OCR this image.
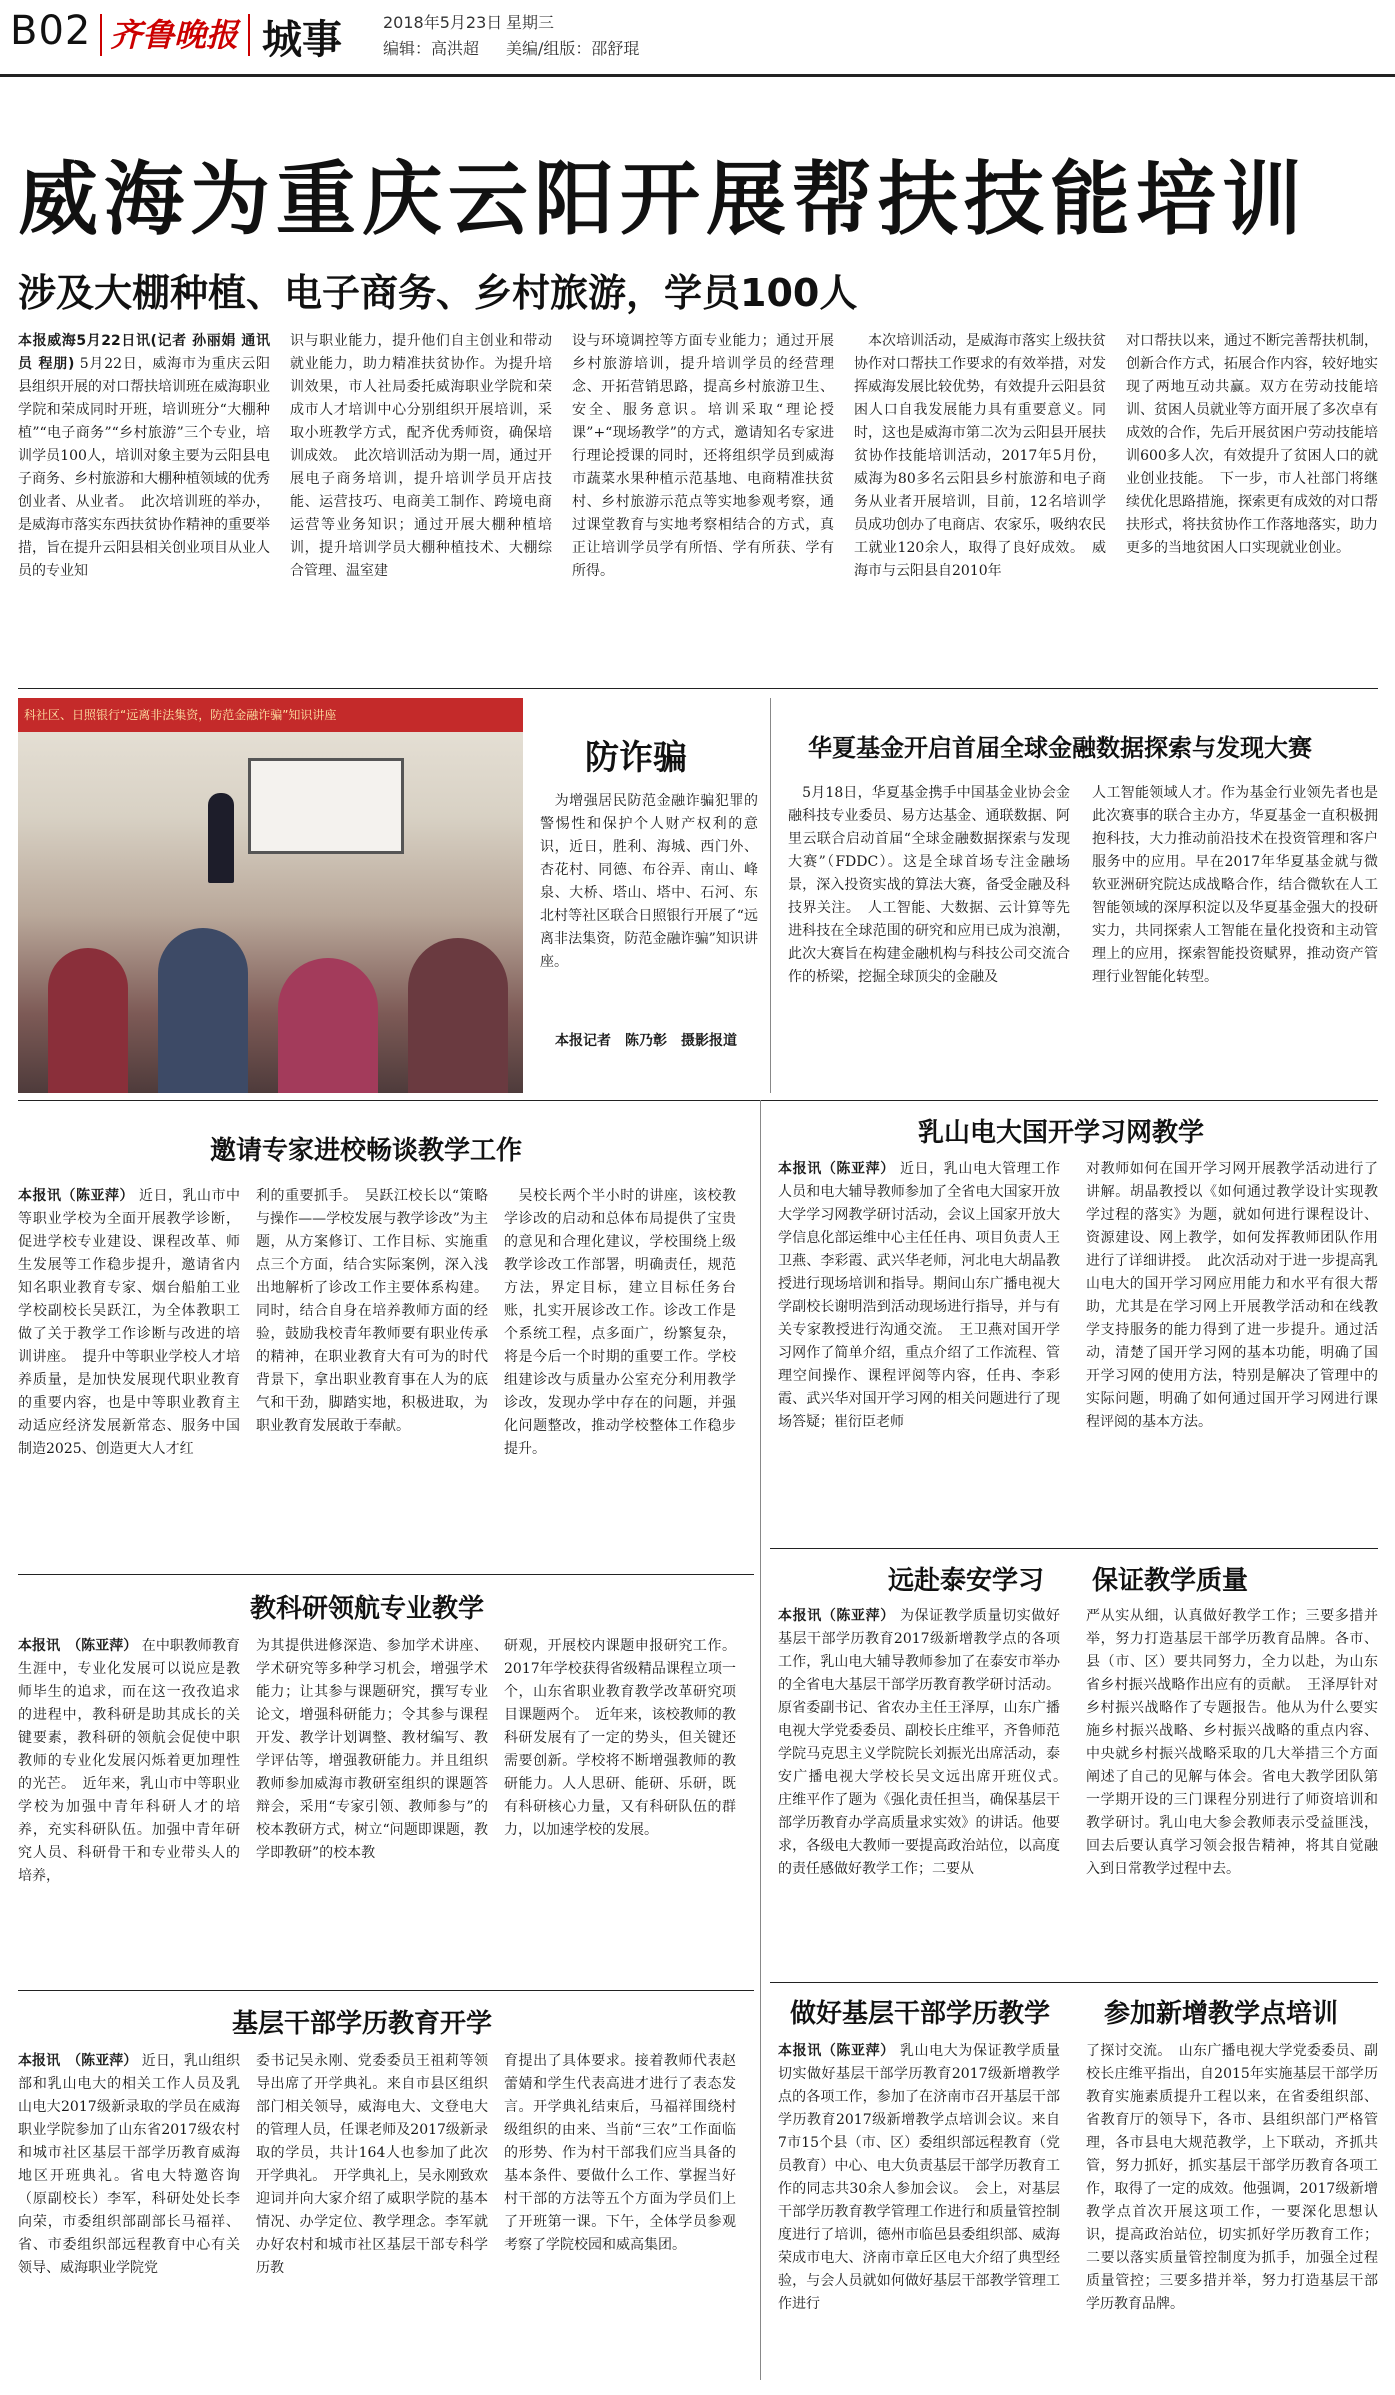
B02 齐鲁晚报 城事	2018年5月23日 星期三
编辑：高洪超 美编/组版：邵舒琨
威海为重庆云阳开展帮扶技能培训
涉及大棚种植、电子商务、乡村旅游，学员100人
本报威海5月22日讯(记者 孙丽娟 通讯员 程朋) 5月22日，威海市为重庆云阳县组织开展的对口帮扶培训班在威海职业学院和荣成同时开班，培训班分“大棚种植”“电子商务”“乡村旅游”三个专业，培训学员100人，培训对象主要为云阳县电子商务、乡村旅游和大棚种植领域的优秀创业者、从业者。　此次培训班的举办，是威海市落实东西扶贫协作精神的重要举措，旨在提升云阳县相关创业项目从业人员的专业知
识与职业能力，提升他们自主创业和带动就业能力，助力精准扶贫协作。为提升培训效果，市人社局委托威海职业学院和荣成市人才培训中心分别组织开展培训，采取小班教学方式，配齐优秀师资，确保培训成效。　此次培训活动为期一周，通过开展电子商务培训，提升培训学员开店技能、运营技巧、电商美工制作、跨境电商运营等业务知识；通过开展大棚种植培训，提升培训学员大棚种植技术、大棚综合管理、温室建
设与环境调控等方面专业能力；通过开展乡村旅游培训，提升培训学员的经营理念、开拓营销思路，提高乡村旅游卫生、安全、服务意识。培训采取“理论授课”+“现场教学”的方式，邀请知名专家进行理论授课的同时，还将组织学员到威海市蔬菜水果种植示范基地、电商精准扶贫村、乡村旅游示范点等实地参观考察，通过课堂教育与实地考察相结合的方式，真正让培训学员学有所悟、学有所获、学有所得。
　本次培训活动，是威海市落实上级扶贫协作对口帮扶工作要求的有效举措，对发挥威海发展比较优势，有效提升云阳县贫困人口自我发展能力具有重要意义。同时，这也是威海市第二次为云阳县开展扶贫协作技能培训活动，2017年5月份，威海为80多名云阳县乡村旅游和电子商务从业者开展培训，目前，12名培训学员成功创办了电商店、农家乐，吸纳农民工就业120余人，取得了良好成效。　威海市与云阳县自2010年
对口帮扶以来，通过不断完善帮扶机制，创新合作方式，拓展合作内容，较好地实现了两地互动共赢。双方在劳动技能培训、贫困人员就业等方面开展了多次卓有成效的合作，先后开展贫困户劳动技能培训600多人次，有效提升了贫困人口的就业创业技能。　下一步，市人社部门将继续优化思路措施，探索更有成效的对口帮扶形式，将扶贫协作工作落地落实，助力更多的当地贫困人口实现就业创业。
科社区、日照银行“远离非法集资，防范金融诈骗”知识讲座
防诈骗
　为增强居民防范金融诈骗犯罪的警惕性和保护个人财产权利的意识，近日，胜利、海城、西门外、杏花村、同德、布谷弄、南山、峰泉、大桥、塔山、塔中、石河、东北村等社区联合日照银行开展了“远离非法集资，防范金融诈骗”知识讲座。
本报记者　陈乃彰　摄影报道
华夏基金开启首届全球金融数据探索与发现大赛
　5月18日，华夏基金携手中国基金业协会金融科技专业委员、易方达基金、通联数据、阿里云联合启动首届“全球金融数据探索与发现大赛”（FDDC）。这是全球首场专注金融场景，深入投资实战的算法大赛，备受金融及科技界关注。　人工智能、大数据、云计算等先进科技在全球范围的研究和应用已成为浪潮，此次大赛旨在构建金融机构与科技公司交流合作的桥梁，挖掘全球顶尖的金融及
人工智能领域人才。作为基金行业领先者也是此次赛事的联合主办方，华夏基金一直积极拥抱科技，大力推动前沿技术在投资管理和客户服务中的应用。早在2017年华夏基金就与微软亚洲研究院达成战略合作，结合微软在人工智能领域的深厚积淀以及华夏基金强大的投研实力，共同探索人工智能在量化投资和主动管理上的应用，探索智能投资赋界，推动资产管理行业智能化转型。
邀请专家进校畅谈教学工作
本报讯（陈亚萍） 近日，乳山市中等职业学校为全面开展教学诊断，促进学校专业建设、课程改革、师生发展等工作稳步提升，邀请省内知名职业教育专家、烟台船舶工业学校副校长吴跃江，为全体教职工做了关于教学工作诊断与改进的培训讲座。　提升中等职业学校人才培养质量，是加快发展现代职业教育的重要内容，也是中等职业教育主动适应经济发展新常态、服务中国制造2025、创造更大人才红
利的重要抓手。　吴跃江校长以“策略与操作——学校发展与教学诊改”为主题，从方案修订、工作目标、实施重点三个方面，结合实际案例，深入浅出地解析了诊改工作主要体系构建。同时，结合自身在培养教师方面的经验，鼓励我校青年教师要有职业传承的精神，在职业教育大有可为的时代背景下，拿出职业教育事在人为的底气和干劲，脚踏实地，积极进取，为职业教育发展敢于奉献。
　吴校长两个半小时的讲座，该校教学诊改的启动和总体布局提供了宝贵的意见和合理化建议，学校围绕上级教学诊改工作部署，明确责任，规范方法，界定目标，建立目标任务台账，扎实开展诊改工作。诊改工作是个系统工程，点多面广，纷繁复杂，将是今后一个时期的重要工作。学校组建诊改与质量办公室充分利用教学诊改，发现办学中存在的问题，并强化问题整改，推动学校整体工作稳步提升。
乳山电大国开学习网教学
本报讯（陈亚萍） 近日，乳山电大管理工作人员和电大辅导教师参加了全省电大国家开放大学学习网教学研讨活动，会议上国家开放大学信息化部运维中心主任任冉、项目负责人王卫燕、李彩霞、武兴华老师，河北电大胡晶教授进行现场培训和指导。期间山东广播电视大学副校长谢明浩到活动现场进行指导，并与有关专家教授进行沟通交流。　王卫燕对国开学习网作了简单介绍，重点介绍了工作流程、管理空间操作、课程评阅等内容，任冉、李彩霞、武兴华对国开学习网的相关问题进行了现场答疑；崔衍臣老师
对教师如何在国开学习网开展教学活动进行了讲解。胡晶教授以《如何通过教学设计实现教学过程的落实》为题，就如何进行课程设计、资源建设、网上教学，如何发挥教师团队作用进行了详细讲授。　此次活动对于进一步提高乳山电大的国开学习网应用能力和水平有很大帮助，尤其是在学习网上开展教学活动和在线教学支持服务的能力得到了进一步提升。通过活动，清楚了国开学习网的基本功能，明确了国开学习网的使用方法，特别是解决了管理中的实际问题，明确了如何通过国开学习网进行课程评阅的基本方法。
教科研领航专业教学
本报讯　（陈亚萍） 在中职教师教育生涯中，专业化发展可以说应是教师毕生的追求，而在这一孜孜追求的进程中，教科研是助其成长的关键要素，教科研的领航会促使中职教师的专业化发展闪烁着更加理性的光芒。　近年来，乳山市中等职业学校为加强中青年科研人才的培养，充实科研队伍。加强中青年研究人员、科研骨干和专业带头人的培养，
为其提供进修深造、参加学术讲座、学术研究等多种学习机会，增强学术能力；让其参与课题研究，撰写专业论文，增强科研能力；令其参与课程开发、教学计划调整、教材编写、教学评估等，增强教研能力。并且组织教师参加威海市教研室组织的课题答辩会，采用“专家引领、教师参与”的校本教研方式，树立“问题即课题，教学即教研”的校本教
研观，开展校内课题申报研究工作。2017年学校获得省级精品课程立项一个，山东省职业教育教学改革研究项目课题两个。　近年来，该校教师的教科研发展有了一定的势头，但关键还需要创新。学校将不断增强教师的教研能力。人人思研、能研、乐研，既有科研核心力量，又有科研队伍的群力，以加速学校的发展。
远赴泰安学习 保证教学质量
本报讯（陈亚萍） 为保证教学质量切实做好基层干部学历教育2017级新增教学点的各项工作，乳山电大辅导教师参加了在泰安市举办的全省电大基层干部学历教育教学研讨活动。原省委副书记、省农办主任王泽厚，山东广播电视大学党委委员、副校长庄维平，齐鲁师范学院马克思主义学院院长刘振光出席活动，泰安广播电视大学校长吴文远出席开班仪式。　庄维平作了题为《强化责任担当，确保基层干部学历教育办学高质量求实效》的讲话。他要求，各级电大教师一要提高政治站位，以高度的责任感做好教学工作；二要从
严从实从细，认真做好教学工作；三要多措并举，努力打造基层干部学历教育品牌。各市、县（市、区）要共同努力，全力以赴，为山东省乡村振兴战略作出应有的贡献。　王泽厚针对乡村振兴战略作了专题报告。他从为什么要实施乡村振兴战略、乡村振兴战略的重点内容、中央就乡村振兴战略采取的几大举措三个方面阐述了自己的见解与体会。省电大教学团队第一学期开设的三门课程分别进行了师资培训和教学研讨。乳山电大参会教师表示受益匪浅，回去后要认真学习领会报告精神，将其自觉融入到日常教学过程中去。
基层干部学历教育开学
本报讯　（陈亚萍） 近日，乳山组织部和乳山电大的相关工作人员及乳山电大2017级新录取的学员在威海职业学院参加了山东省2017级农村和城市社区基层干部学历教育威海地区开班典礼。省电大特邀咨询（原副校长）李军，科研处处长李向荣，市委组织部副部长马福祥、省、市委组织部远程教育中心有关领导、威海职业学院党
委书记吴永刚、党委委员王祖莉等领导出席了开学典礼。来自市县区组织部门相关领导，威海电大、文登电大的管理人员，任课老师及2017级新录取的学员，共计164人也参加了此次开学典礼。　开学典礼上，吴永刚致欢迎词并向大家介绍了威职学院的基本情况、办学定位、教学理念。李军就办好农村和城市社区基层干部专科学历教
育提出了具体要求。接着教师代表赵蕾婧和学生代表高进才进行了表态发言。开学典礼结束后，马福祥围绕村级组织的由来、当前“三农”工作面临的形势、作为村干部我们应当具备的基本条件、要做什么工作、掌握当好村干部的方法等五个方面为学员们上了开班第一课。下午，全体学员参观考察了学院校园和威高集团。
做好基层干部学历教学 参加新增教学点培训
本报讯（陈亚萍） 乳山电大为保证教学质量切实做好基层干部学历教育2017级新增教学点的各项工作，参加了在济南市召开基层干部学历教育2017级新增教学点培训会议。来自7市15个县（市、区）委组织部远程教育（党员教育）中心、电大负责基层干部学历教育工作的同志共30余人参加会议。　会上，对基层干部学历教育教学管理工作进行和质量管控制度进行了培训，德州市临邑县委组织部、威海荣成市电大、济南市章丘区电大介绍了典型经验，与会人员就如何做好基层干部教学管理工作进行
了探讨交流。　山东广播电视大学党委委员、副校长庄维平指出，自2015年实施基层干部学历教育实施素质提升工程以来，在省委组织部、省教育厅的领导下，各市、县组织部门严格管理，各市县电大规范教学，上下联动，齐抓共管，努力抓好，抓实基层干部学历教育各项工作，取得了一定的成效。他强调，2017级新增教学点首次开展这项工作，一要深化思想认识，提高政治站位，切实抓好学历教育工作；二要以落实质量管控制度为抓手，加强全过程质量管控；三要多措并举，努力打造基层干部学历教育品牌。
